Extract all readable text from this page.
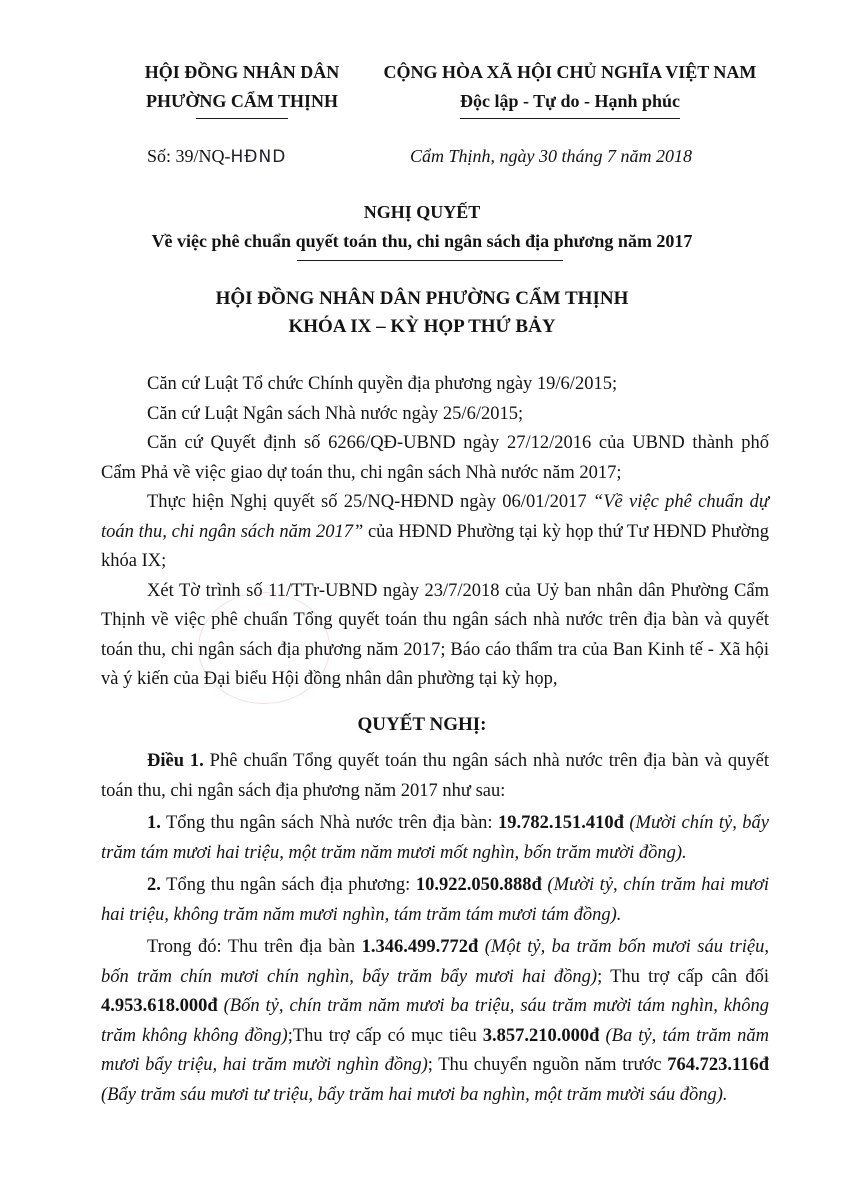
HỘI ĐỒNG NHÂN DÂN
PHƯỜNG CẨM THỊNH
CỘNG HÒA XÃ HỘI CHỦ NGHĨA VIỆT NAM
Độc lập - Tự do - Hạnh phúc
Số: 39/NQ-HĐND	Cẩm Thịnh, ngày 30 tháng 7 năm 2018
NGHỊ QUYẾT
Về việc phê chuẩn quyết toán thu, chi ngân sách địa phương năm 2017
HỘI ĐỒNG NHÂN DÂN PHƯỜNG CẨM THỊNH
KHÓA IX – KỲ HỌP THỨ BẢY

Căn cứ Luật Tổ chức Chính quyền địa phương ngày 19/6/2015;

Căn cứ Luật Ngân sách Nhà nước ngày 25/6/2015;

Căn cứ Quyết định số 6266/QĐ-UBND ngày 27/12/2016 của UBND thành phố Cẩm Phả về việc giao dự toán thu, chi ngân sách Nhà nước năm 2017;

Thực hiện Nghị quyết số 25/NQ-HĐND ngày 06/01/2017 “Về việc phê chuẩn dự toán thu, chi ngân sách năm 2017” của HĐND Phường tại kỳ họp thứ Tư HĐND Phường khóa IX;

Xét Tờ trình số 11/TTr-UBND ngày 23/7/2018 của Uỷ ban nhân dân Phường Cẩm Thịnh về việc phê chuẩn Tổng quyết toán thu ngân sách nhà nước trên địa bàn và quyết toán thu, chi ngân sách địa phương năm 2017; Báo cáo thẩm tra của Ban Kinh tế - Xã hội và ý kiến của Đại biểu Hội đồng nhân dân phường tại kỳ họp,

QUYẾT NGHỊ:

Điều 1. Phê chuẩn Tổng quyết toán thu ngân sách nhà nước trên địa bàn và quyết toán thu, chi ngân sách địa phương năm 2017 như sau:

1. Tổng thu ngân sách Nhà nước trên địa bàn: 19.782.151.410đ (Mười chín tỷ, bẩy trăm tám mươi hai triệu, một trăm năm mươi mốt nghìn, bốn trăm mười đồng).

2. Tổng thu ngân sách địa phương: 10.922.050.888đ (Mười tỷ, chín trăm hai mươi hai triệu, không trăm năm mươi nghìn, tám trăm tám mươi tám đồng).

Trong đó: Thu trên địa bàn 1.346.499.772đ (Một tỷ, ba trăm bốn mươi sáu triệu, bốn trăm chín mươi chín nghìn, bẩy trăm bẩy mươi hai đồng); Thu trợ cấp cân đối 4.953.618.000đ (Bốn tỷ, chín trăm năm mươi ba triệu, sáu trăm mười tám nghìn, không trăm không không đồng);Thu trợ cấp có mục tiêu 3.857.210.000đ (Ba tỷ, tám trăm năm mươi bẩy triệu, hai trăm mười nghìn đồng); Thu chuyển nguồn năm trước 764.723.116đ (Bẩy trăm sáu mươi tư triệu, bẩy trăm hai mươi ba nghìn, một trăm mười sáu đồng).
